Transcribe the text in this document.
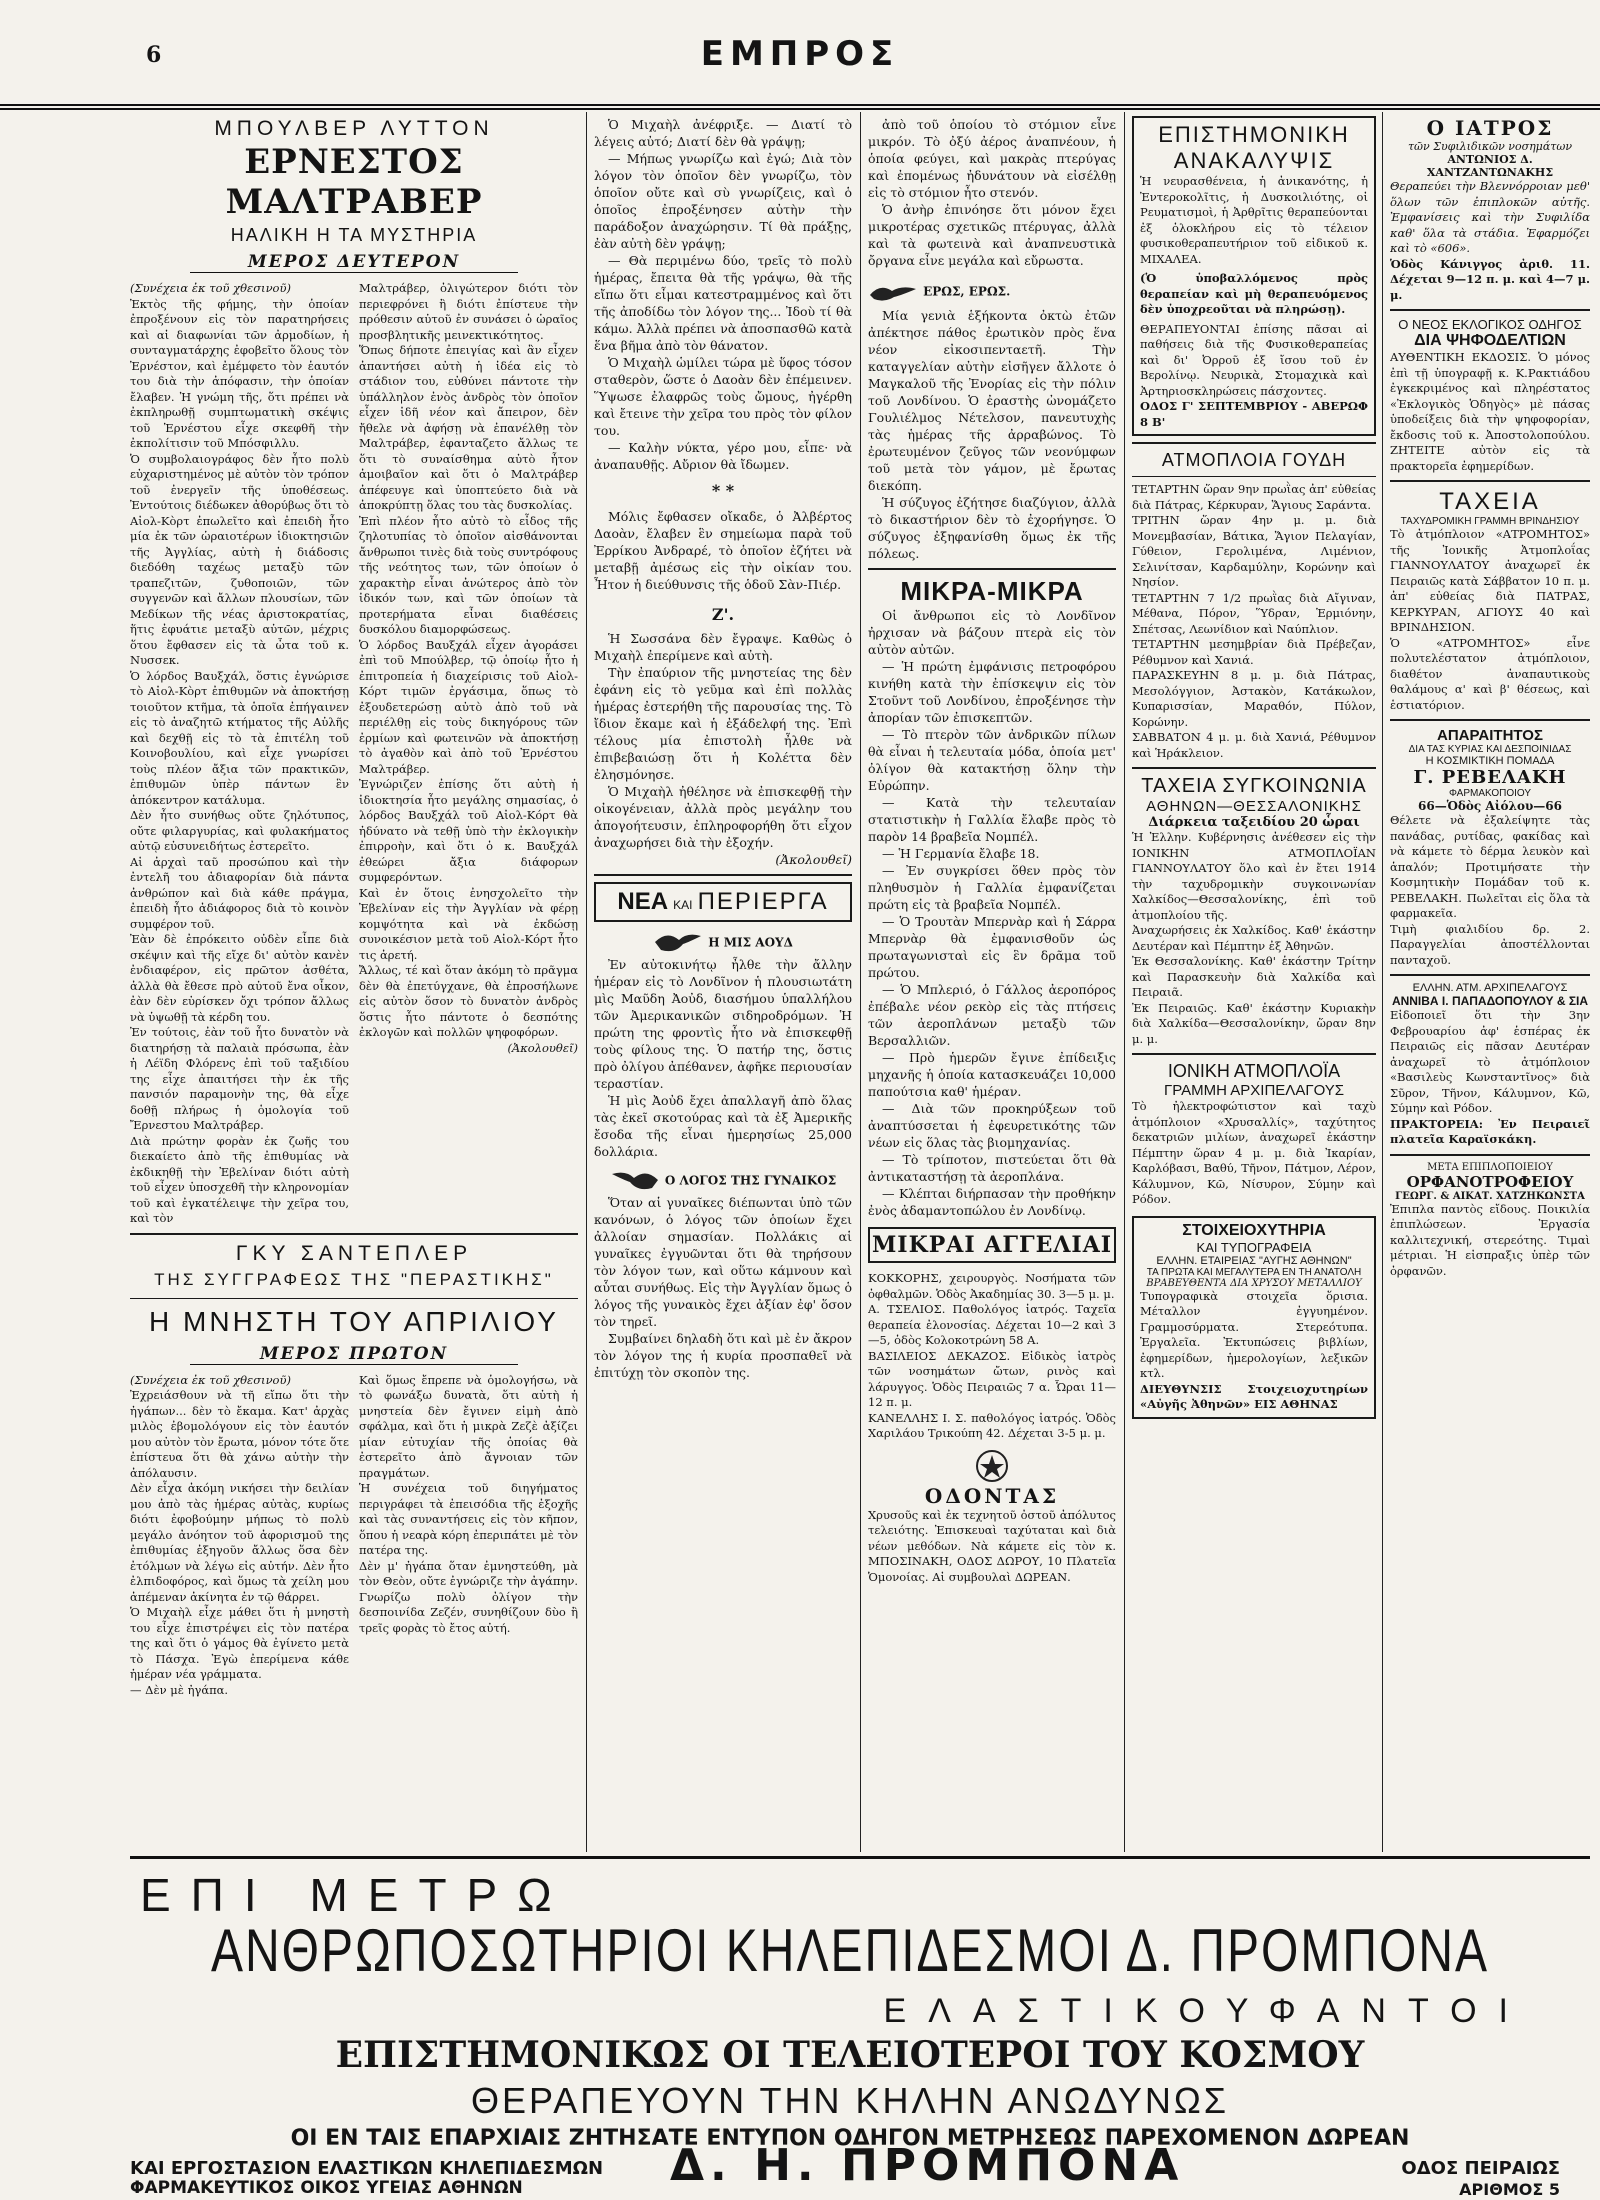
6	ΕΜΠΡΟΣ
ΜΠΟΥΛΒΕΡ ΛΥΤΤΟΝ
ΕΡΝΕΣΤΟΣ ΜΑΛΤΡΑΒΕΡ
ΗΑΛΙΚΗ Η ΤΑ ΜΥΣΤΗΡΙΑ
ΜΕΡΟΣ ΔΕΥΤΕΡΟΝ

(Συνέχεια ἐκ τοῦ χθεσινοῦ)

Ἐκτὸς τῆς φήμης, τὴν ὁποίαν ἐπροξένουν εἰς τὸν παρατηρήσεις καὶ αἱ διαφωνίαι τῶν ἀρμοδίων, ἡ συνταγματάρχης ἐφοβεῖτο ὅλους τὸν Ἐρνέστον, καὶ ἐμέμφετο τὸν ἑαυτόν του διὰ τὴν ἀπόφασιν, τὴν ὁποίαν ἔλαβεν. Ἡ γνώμη τῆς, ὅτι πρέπει νὰ ἐκπληρωθῇ συμπτωματικὴ σκέψις τοῦ Ἐρνέστου εἶχε σκεφθῆ τὴν ἐκπολίτισιν τοῦ Μπόσφιλλυ.

Ὁ συμβολαιογράφος δὲν ἦτο πολὺ εὐχαριστημένος μὲ αὐτὸν τὸν τρόπον τοῦ ἐνεργεῖν τῆς ὑποθέσεως. Ἐντούτοις διέδωκεν ἀθορύβως ὅτι τὸ Αἰολ-Κὸρτ ἐπωλεῖτο καὶ ἐπειδὴ ἦτο μία ἐκ τῶν ὡραιοτέρων ἰδιοκτησιῶν τῆς Ἀγγλίας, αὐτὴ ἡ διάδοσις διεδόθη ταχέως μεταξὺ τῶν τραπεζιτῶν, ζυθοποιῶν, τῶν συγγενῶν καὶ ἄλλων πλουσίων, τῶν Μεδίκων τῆς νέας ἀριστοκρατίας, ἥτις ἐφυάτιε μεταξὺ αὐτῶν, μέχρις ὅτου ἔφθασεν εἰς τὰ ὦτα τοῦ κ. Νυσσεκ.

Ὁ λόρδος Βαυξχάλ, ὅστις ἐγνώρισε τὸ Αἰολ-Κὸρτ ἐπιθυμῶν νὰ ἀποκτήσῃ τοιοῦτον κτῆμα, τὰ ὁποῖα ἐπήγαινεν εἰς τὸ ἀναζητῶ κτήματος τῆς Αὐλῆς καὶ δεχθῇ εἰς τὸ τὰ ἐπιτέλη τοῦ Κοινοβουλίου, καὶ εἶχε γνωρίσει τοὺς πλέον ἄξια τῶν πρακτικῶν, ἐπιθυμῶν ὑπὲρ πάντων ἓν ἀπόκεντρον κατάλυμα.

Δὲν ἦτο συνήθως οὔτε ζηλότυπος, οὔτε φιλαργυρίας, καὶ φυλακήματος αὐτῷ εὐσυνειδήτως ἐστερεῖτο.

Αἱ ἀρχαὶ ταῦ προσώπου καὶ τὴν ἐντελῆ του ἀδιαφορίαν διὰ πάντα ἀνθρώπον καὶ διὰ κάθε πράγμα, ἐπειδὴ ἦτο ἀδιάφορος διὰ τὸ κοινὸν συμφέρον τοῦ.

Ἐὰν δὲ ἐπρόκειτο οὐδὲν εἶπε διὰ σκέψιν καὶ τῆς εἴχε δι' αὐτὸν κανὲν ἐνδιαφέρον, εἰς πρῶτον ἀσθέτα, ἀλλὰ θὰ ἔθεσε πρὸ αὐτοῦ ἔνα οἶκον, ἐὰν δὲν εὑρίσκεν ὄχι τρόπον ἄλλως νὰ ὑψωθῇ τὰ κέρδη του.

Ἐν τούτοις, ἐὰν τοῦ ἦτο δυνατὸν νὰ διατηρήσῃ τὰ παλαιὰ πρόσωπα, ἐὰν ἡ Λέϊδη Φλόρενς ἐπὶ τοῦ ταξιδίου της εἶχε ἀπαιτήσει τὴν ἐκ τῆς πανσιόν παραμονὴν της, θὰ εἶχε δοθῇ πλήρως ἡ ὁμολογία τοῦ Ἔρνεστου Μαλτράβερ.

Διὰ πρώτην φορὰν ἐκ ζωῆς του διεκαίετο ἀπὸ τῆς ἐπιθυμίας νὰ ἐκδικηθῇ τὴν Ἐβελίναν διότι αὐτὴ τοῦ εἶχεν ὑποσχεθῆ τὴν κληρονομίαν τοῦ καὶ ἐγκατέλειψε τὴν χεῖρα του, καὶ τὸν

Μαλτράβερ, ὀλιγώτερον διότι τὸν περιεφρόνει ἢ διότι ἐπίστευε τὴν πρόθεσιν αὐτοῦ ἐν συνάσει ὁ ὡραῖος προσβλητικῆς μεινεκτικότητος.

Ὅπως δήποτε ἐπειγίας καὶ ἂν εἶχεν ἀπαντήσει αὐτὴ ἡ ἰδέα εἰς τὸ στάδιον του, εὐθύνει πάντοτε τὴν ὑπάλληλον ἐνὸς ἀνδρὸς τὸν ὁποῖον εἶχεν ἰδῆ νέον καὶ ἄπειρον, δὲν ἤθελε νὰ ἀφήσῃ νὰ ἐπανέλθῃ τὸν Μαλτράβερ, ἐφανταζετο ἄλλως τε ὅτι τὸ συναίσθημα αὐτὸ ἦτον ἀμοιβαῖον καὶ ὅτι ὁ Μαλτράβερ ἀπέφευγε καὶ ὑποπτεύετο διὰ νὰ ἀποκρύπτῃ ὅλας του τὰς δυσκολίας.

Ἐπὶ πλέον ἦτο αὐτὸ τὸ εἶδος τῆς ζηλοτυπίας τὸ ὁποῖον αἰσθάνονται ἄνθρωποι τινὲς διὰ τοὺς συντρόφους τῆς νεότητος των, τῶν ὁποίων ὁ χαρακτὴρ εἶναι ἀνώτερος ἀπὸ τὸν ἰδικόν των, καὶ τῶν ὁποίων τὰ προτερήματα εἶναι διαθέσεις δυσκόλου διαμορφώσεως.

Ὁ λόρδος Βαυξχάλ εἶχεν ἀγοράσει ἐπὶ τοῦ Μπούλβερ, τῷ ὁποίῳ ἦτο ἡ ἐπιτροπεία ἡ διαχείρισις τοῦ Αἰολ-Κόρτ τιμῶν ἐργάσιμα, ὅπως τὸ ἐξουδετερώσῃ αὐτὸ ἀπὸ τοῦ νὰ περιέλθῃ εἰς τοὺς δικηγόρους τῶν ἐρμίων καὶ φωτεινῶν νὰ ἀποκτήσῃ τὸ ἀγαθὸν καὶ ἀπὸ τοῦ Ἐρνέστου Μαλτράβερ.

Ἐγνώριζεν ἐπίσης ὅτι αὐτὴ ἡ ἰδιοκτησία ἦτο μεγάλης σημασίας, ὁ λόρδος Βαυξχάλ τοῦ Αἰολ-Κόρτ θὰ ἠδύνατο νὰ τεθῇ ὑπὸ τὴν ἐκλογικὴν ἐπιρροὴν, καὶ ὅτι ὁ κ. Βαυξχάλ ἐθεώρει ἄξια διάφορων συμφερόντων.

Καὶ ἐν ὅτοις ἐνησχολεῖτο τὴν Ἐβελίναν εἰς τὴν Ἀγγλίαν νὰ φέρῃ κομψότητα καὶ νὰ ἐκδώσῃ συνοικέσιον μετὰ τοῦ Αἰολ-Κόρτ ἦτο τις ἀρετή.

Ἄλλως, τέ καὶ ὅταν ἀκόμη τὸ πρᾶγμα δὲν θὰ ἐπετύγχανε, θὰ ἐπροσήλωνε εἰς αὐτὸν ὅσον τὸ δυνατὸν ἀνδρὸς ὅστις ἦτο πάντοτε ὁ δεσπότης ἐκλογῶν καὶ πολλῶν ψηφοφόρων.

(Ἀκολουθεῖ)

ΓΚΥ ΣΑΝΤΕΠΛΕΡ
ΤΗΣ ΣΥΓΓΡΑΦΕΩΣ ΤΗΣ "ΠΕΡΑΣΤΙΚΗΣ"
Η ΜΝΗΣΤΗ ΤΟΥ ΑΠΡΙΛΙΟΥ
ΜΕΡΟΣ ΠΡΩΤΟΝ

(Συνέχεια ἐκ τοῦ χθεσινοῦ)

Ἐχρειάσθουν νὰ τῆ εἴπω ὅτι τὴν ἠγάπων... δὲν τὸ ἔκαμα. Κατ' ἀρχὰς μιλὸς ἐβομολόγουν εἰς τὸν ἑαυτόν μου αὐτὸν τὸν ἔρωτα, μόνον τότε ὅτε ἐπίστευα ὅτι θὰ χάνω αὐτὴν τὴν ἀπόλαυσιν.

Δὲν εἶχα ἀκόμη νικήσει τὴν δειλίαν μου ἀπὸ τὰς ἡμέρας αὐτὰς, κυρίως διότι ἐφοβούμην μήπως τὸ πολὺ μεγάλο ἀνόητον τοῦ ἀφορισμοῦ της ἐπιθυμίας ἐξηγοῦν ἄλλως ὅσα δὲν ἐτόλμων νὰ λέγω εἰς αὐτήν. Δὲν ἦτο ἐλπιδοφόρος, καὶ ὅμως τὰ χείλη μου ἀπέμεναν ἀκίνητα ἐν τῷ θάρρει.

Ὁ Μιχαὴλ εἶχε μάθει ὅτι ἡ μνηστὴ του εἶχε ἐπιστρέψει εἰς τὸν πατέρα της καὶ ὅτι ὁ γάμος θὰ ἐγίνετο μετὰ τὸ Πάσχα. Ἐγὼ ἐπερίμενα κάθε ἡμέραν νέα γράμματα.

— Δὲν μὲ ἠγάπα.

Καὶ ὅμως ἔπρεπε νὰ ὁμολογήσω, νὰ τὸ φωνάξω δυνατὰ, ὅτι αὐτὴ ἡ μνηστεία δὲν ἔγινεν εἰμὴ ἀπὸ σφάλμα, καὶ ὅτι ἡ μικρὰ Ζεζὲ ἀξίζει μίαν εὐτυχίαν τῆς ὁποίας θὰ ἐστερεῖτο ἀπὸ ἄγνοιαν τῶν πραγμάτων.

Ἡ συνέχεια τοῦ διηγήματος περιγράφει τὰ ἐπεισόδια τῆς ἐξοχῆς καὶ τὰς συναντήσεις εἰς τὸν κῆπον, ὅπου ἡ νεαρὰ κόρη ἐπεριπάτει μὲ τὸν πατέρα της.

Δὲν μ' ἠγάπα ὅταν ἐμνηστεύθη, μὰ τὸν Θεὸν, οὔτε ἐγνώριζε τὴν ἀγάπην. Γνωρίζω πολὺ ὀλίγον τὴν δεσποινίδα Ζεζέν, συνηθίζουν δὺο ἢ τρεῖς φορὰς τὸ ἔτος αὐτή.

Ὁ Μιχαὴλ ἀνέφριξε. — Διατί τὸ λέγεις αὐτό; Διατί δὲν θὰ γράψῃ;

— Μήπως γνωρίζω καὶ ἐγώ; Διὰ τὸν λόγον τὸν ὁποῖον δὲν γνωρίζω, τὸν ὁποῖον οὔτε καὶ σὺ γνωρίζεις, καὶ ὁ ὁποῖος ἐπροξένησεν αὐτὴν τὴν παράδοξον ἀναχώρησιν. Τί θὰ πράξῃς, ἐὰν αὐτὴ δὲν γράψῃ;

— Θὰ περιμένω δύο, τρεῖς τὸ πολὺ ἡμέρας, ἔπειτα θὰ τῆς γράψω, θὰ τῆς εἴπω ὅτι εἶμαι κατεστραμμένος καὶ ὅτι τῆς ἀποδίδω τὸν λόγον της... Ἰδοὺ τί θὰ κάμω. Ἀλλὰ πρέπει νὰ ἀποσπασθῶ κατὰ ἕνα βῆμα ἀπὸ τὸν θάνατον.

Ὁ Μιχαὴλ ὡμίλει τώρα μὲ ὕφος τόσον σταθερὸν, ὥστε ὁ Δαοὰν δὲν ἐπέμεινεν. Ὕψωσε ἐλαφρῶς τοὺς ὤμους, ἠγέρθη καὶ ἔτεινε τὴν χεῖρα του πρὸς τὸν φίλον του.

— Καλὴν νύκτα, γέρο μου, εἶπε· νὰ ἀναπαυθῇς. Αὔριον θὰ ἴδωμεν.

* *

Μόλις ἔφθασεν οἴκαδε, ὁ Ἀλβέρτος Δαοὰν, ἔλαβεν ἓν σημείωμα παρὰ τοῦ Ἐρρίκου Ἀνδραρέ, τὸ ὁποῖον ἐζήτει νὰ μεταβῇ ἀμέσως εἰς τὴν οἰκίαν του. Ἦτον ἡ διεύθυνσις τῆς ὁδοῦ Σὰν-Πιέρ.

Ζ'.

Ἡ Σωσσάνα δὲν ἔγραψε. Καθὼς ὁ Μιχαὴλ ἐπερίμενε καὶ αὐτὴ.

Τὴν ἐπαύριον τῆς μνηστείας της δὲν ἐφάνη εἰς τὸ γεῦμα καὶ ἐπὶ πολλὰς ἡμέρας ἐστερήθη τῆς παρουσίας της. Τὸ ἴδιον ἔκαμε καὶ ἡ ἐξάδελφή της. Ἐπὶ τέλους μία ἐπιστολὴ ἦλθε νὰ ἐπιβεβαιώσῃ ὅτι ἡ Κολέττα δὲν ἐλησμόνησε.

Ὁ Μιχαὴλ ἠθέλησε νὰ ἐπισκεφθῇ τὴν οἰκογένειαν, ἀλλὰ πρὸς μεγάλην του ἀπογοήτευσιν, ἐπληροφορήθη ὅτι εἶχον ἀναχωρήσει διὰ τὴν ἐξοχήν.

(Ἀκολουθεῖ)

ΝΕΑ ΚΑΙ ΠΕΡΙΕΡΓΑ
Η ΜΙΣ ΑΟΥΔ

Ἐν αὐτοκινήτῳ ἦλθε τὴν ἄλλην ἡμέραν εἰς τὸ Λονδῖνον ἡ πλουσιωτάτη μὶς Μαῦδη Ἀοὐδ, διασήμου ὑπαλλήλου τῶν Ἀμερικανικῶν σιδηροδρόμων. Ἡ πρώτη της φροντὶς ἦτο νὰ ἐπισκεφθῇ τοὺς φίλους της. Ὁ πατήρ της, ὅστις πρὸ ὀλίγου ἀπέθανεν, ἀφῆκε περιουσίαν τεραστίαν.

Ἡ μὶς Ἀοὐδ ἔχει ἀπαλλαγῆ ἀπὸ ὅλας τὰς ἐκεῖ σκοτούρας καὶ τὰ ἐξ Ἀμερικῆς ἔσοδα τῆς εἶναι ἡμερησίως 25,000 δολλάρια.

Ο ΛΟΓΟΣ ΤΗΣ ΓΥΝΑΙΚΟΣ

Ὅταν αἱ γυναῖκες διέπωνται ὑπὸ τῶν κανόνων, ὁ λόγος τῶν ὁποίων ἔχει ἀλλοίαν σημασίαν. Πολλάκις αἱ γυναῖκες ἐγγυῶνται ὅτι θὰ τηρήσουν τὸν λόγον των, καὶ οὕτω κάμνουν καὶ αὗται συνήθως. Εἰς τὴν Ἀγγλίαν ὅμως ὁ λόγος τῆς γυναικὸς ἔχει ἀξίαν ἐφ' ὅσον τὸν τηρεῖ.

Συμβαίνει δηλαδὴ ὅτι καὶ μὲ ἐν ἄκρον τὸν λόγον της ἡ κυρία προσπαθεῖ νὰ ἐπιτύχῃ τὸν σκοπὸν της.

ἀπὸ τοῦ ὁποίου τὸ στόμιον εἶνε μικρόν. Τὸ ὀξύ ἀέρος ἀναπνέουν, ἡ ὁποία φεύγει, καὶ μακρὰς πτερύγας καὶ ἐπομένως ἠδυνάτουν νὰ εἰσέλθῃ εἰς τὸ στόμιον ἦτο στενόν.

Ὁ ἀνὴρ ἐπινόησε ὅτι μόνον ἔχει μικροτέρας σχετικῶς πτέρυγας, ἀλλὰ καὶ τὰ φωτεινὰ καὶ ἀναπνευστικὰ ὄργανα εἶνε μεγάλα καὶ εὔρωστα.

ΕΡΩΣ, ΕΡΩΣ.

Μία γενιὰ ἑξήκοντα ὀκτὼ ἐτῶν ἀπέκτησε πάθος ἐρωτικὸν πρὸς ἕνα νέον εἰκοσιπενταετῆ. Τὴν καταγγελίαν αὐτὴν εἰσῆγεν ἄλλοτε ὁ Μαγκαλοῦ τῆς Ἐνορίας εἰς τὴν πόλιν τοῦ Λονδίνου. Ὁ ἐραστὴς ὠνομάζετο Γουλιέλμος Νέτελσον, πανευτυχὴς τὰς ἡμέρας τῆς ἀρραβώνος. Τὸ ἐρωτευμένον ζεῦγος τῶν νεονύμφων τοῦ μετὰ τὸν γάμον, μὲ ἔρωτας διεκόπη.

Ἡ σύζυγος ἐζήτησε διαζύγιον, ἀλλὰ τὸ δικαστήριον δὲν τὸ ἐχορήγησε. Ὁ σύζυγος ἐξηφανίσθη ὅμως ἐκ τῆς πόλεως.

ΜΙΚΡΑ-ΜΙΚΡΑ

Οἱ ἄνθρωποι εἰς τὸ Λονδῖνον ἠρχισαν νὰ βάζουν πτερὰ εἰς τὸν αὐτὸν αὐτῶν.

— Ἡ πρώτη ἐμφάνισις πετροφόρου κινήθη κατὰ τὴν ἐπίσκεψιν εἰς τὸν Στοῦντ τοῦ Λονδίνου, ἐπροξένησε τὴν ἀπορίαν τῶν ἐπισκεπτῶν.

— Τὸ πτερὸν τῶν ἀνδρικῶν πίλων θὰ εἶναι ἡ τελευταία μόδα, ὁποία μετ' ὀλίγον θὰ κατακτήσῃ ὅλην τὴν Εὐρώπην.

— Κατὰ τὴν τελευταίαν στατιστικὴν ἡ Γαλλία ἔλαβε πρὸς τὸ παρὸν 14 βραβεῖα Νομπέλ.

— Ἡ Γερμανία ἔλαβε 18.

— Ἐν συγκρίσει ὅθεν πρὸς τὸν πληθυσμὸν ἡ Γαλλία ἐμφανίζεται πρώτη εἰς τὰ βραβεῖα Νομπέλ.

— Ὁ Τρουτὰν Μπερνὰρ καὶ ἡ Σάρρα Μπερνὰρ θὰ ἐμφανισθοῦν ὡς πρωταγωνισταὶ εἰς ἓν δρᾶμα τοῦ πρώτου.

— Ὁ Μπλεριό, ὁ Γάλλος ἀεροπόρος ἐπέβαλε νέον ρεκὸρ εἰς τὰς πτήσεις τῶν ἀεροπλάνων μεταξὺ τῶν Βερσαλλιῶν.

— Πρὸ ἡμερῶν ἔγινε ἐπίδειξις μηχανῆς ἡ ὁποία κατασκευάζει 10,000 παπούτσια καθ' ἡμέραν.

— Διὰ τῶν προκηρύξεων τοῦ ἀναπτύσσεται ἡ ἐφευρετικότης τῶν νέων εἰς ὅλας τὰς βιομηχανίας.

— Τὸ τρίποτον, πιστεύεται ὅτι θὰ ἀντικαταστήσῃ τὰ ἀεροπλάνα.

— Κλέπται διήρπασαν τὴν προθήκην ἐνὸς ἀδαμαντοπώλου ἐν Λονδίνῳ.

ΜΙΚΡΑΙ ΑΓΓΕΛΙΑΙ

ΚΟΚΚΟΡΗΣ, χειρουργὸς. Νοσήματα τῶν ὀφθαλμῶν. Ὁδὸς Ἀκαδημίας 30. 3—5 μ. μ.

Α. ΤΣΕΛΙΟΣ. Παθολόγος ἰατρός. Ταχεῖα θεραπεία ἐλονοσίας. Δέχεται 10—2 καὶ 3—5, ὁδὸς Κολοκοτρώνη 58 Α.

ΒΑΣΙΛΕΙΟΣ ΔΕΚΑΖΟΣ. Εἰδικὸς ἰατρὸς τῶν νοσημάτων ὤτων, ρινὸς καὶ λάρυγγος. Ὁδὸς Πειραιῶς 7 α. Ὧραι 11—12 π. μ.

ΚΑΝΕΛΛΗΣ Ι. Σ. παθολόγος ἰατρός. Ὁδὸς Χαριλάου Τρικούπη 42. Δέχεται 3-5 μ. μ.

ΟΔΟΝΤΑΣ

Χρυσοῦς καὶ ἐκ τεχνητοῦ ὀστοῦ ἀπόλυτος τελειότης. Ἐπισκευαὶ ταχύταται καὶ διὰ νέων μεθόδων. Νὰ κάμετε εἰς τὸν κ. ΜΠΟΣΙΝΑΚΗ, ΟΔΟΣ ΔΩΡΟΥ, 10 Πλατεῖα Ὁμονοίας. Αἱ συμβουλαὶ ΔΩΡΕΑΝ.

ΕΠΙΣΤΗΜΟΝΙΚΗ ΑΝΑΚΑΛΥΨΙΣ

Ἡ νευρασθένεια, ἡ ἀνικανότης, ἡ Ἐντεροκολῖτις, ἡ Δυσκοιλιότης, οἱ Ρευματισμοὶ, ἡ Ἀρθρῖτις θεραπεύονται ἐξ ὁλοκλήρου εἰς τὸ τέλειον φυσικοθεραπευτήριον τοῦ εἰδικοῦ κ. ΜΙΧΑΛΕΑ.

(Ὁ ὑποβαλλόμενος πρὸς θεραπείαν καὶ μὴ θεραπευόμενος δὲν ὑποχρεοῦται νὰ πληρώσῃ).

ΘΕΡΑΠΕΥΟΝΤΑΙ ἐπίσης πᾶσαι αἱ παθήσεις διὰ τῆς Φυσικοθεραπείας καὶ δι' Ὀρροῦ ἐξ ἴσου τοῦ ἐν Βερολίνῳ. Νευρικὰ, Στομαχικὰ καὶ Ἀρτηριοσκληρώσεις πάσχοντες.

ΟΔΟΣ Γ' ΣΕΠΤΕΜΒΡΙΟΥ - ΑΒΕΡΩΦ 8 Β'

ΑΤΜΟΠΛΟΙΑ ΓΟΥΔΗ

ΤΕΤΑΡΤΗΝ ὥραν 9ην πρωῒας ἀπ' εὐθείας διὰ Πάτρας, Κέρκυραν, Ἅγιους Σαράντα.

ΤΡΙΤΗΝ ὥραν 4ην μ. μ. διὰ Μονεμβασίαν, Βάτικα, Ἅγιον Πελαγίαν, Γύθειον, Γερολιμένα, Λιμένιον, Σελινίτσαν, Καρδαμύλην, Κορώνην καὶ Νησίον.

ΤΕΤΑΡΤΗΝ 7 1/2 πρωῒας διὰ Αἴγιναν, Μέθανα, Πόρον, Ὕδραν, Ἑρμιόνην, Σπέτσας, Λεωνίδιον καὶ Ναύπλιον.

ΤΕΤΑΡΤΗΝ μεσημβρίαν διὰ Πρέβεζαν, Ρέθυμνον καὶ Χανιά.

ΠΑΡΑΣΚΕΥΗΝ 8 μ. μ. διὰ Πάτρας, Μεσολόγγιον, Ἀστακὸν, Κατάκωλον, Κυπαρισσίαν, Μαραθόν, Πύλον, Κορώνην.

ΣΑΒΒΑΤΟΝ 4 μ. μ. διὰ Χανιά, Ρέθυμνον καὶ Ἡράκλειον.

ΤΑΧΕΙΑ ΣΥΓΚΟΙΝΩΝΙΑ
ΑΘΗΝΩΝ—ΘΕΣΣΑΛΟΝΙΚΗΣ
Διάρκεια ταξειδίου 20 ὧραι

Ἡ Ἑλλην. Κυβέρνησις ἀνέθεσεν εἰς τὴν ΙΟΝΙΚΗΝ ΑΤΜΟΠΛΟΪΑΝ ΓΙΑΝΝΟΥΛΑΤΟΥ ὅλο καὶ ἐν ἔτει 1914 τὴν ταχυδρομικὴν συγκοινωνίαν Χαλκίδος—Θεσσαλονίκης, ἐπὶ τοῦ ἀτμοπλοίου τῆς.

Ἀναχωρήσεις ἐκ Χαλκίδος. Καθ' ἑκάστην Δευτέραν καὶ Πέμπτην ἐξ Ἀθηνῶν.

Ἐκ Θεσσαλονίκης. Καθ' ἑκάστην Τρίτην καὶ Παρασκευὴν διὰ Χαλκίδα καὶ Πειραιᾶ.

Ἐκ Πειραιῶς. Καθ' ἑκάστην Κυριακὴν διὰ Χαλκίδα—Θεσσαλονίκην, ὥραν 8ην μ. μ.

ΙΟΝΙΚΗ ΑΤΜΟΠΛΟΪΑ
ΓΡΑΜΜΗ ΑΡΧΙΠΕΛΑΓΟΥΣ

Τὸ ἠλεκτροφώτιστον καὶ ταχὺ ἀτμόπλοιον «Χρυσαλλίς», ταχύτητος δεκατριῶν μιλίων, ἀναχωρεῖ ἐκάστην Πέμπτην ὥραν 4 μ. μ. διὰ Ἰκαρίαν, Καρλόβασι, Βαθύ, Τῆνον, Πάτμον, Λέρον, Κάλυμνον, Κῶ, Νίσυρον, Σύμην καὶ Ρόδον.

ΣΤΟΙΧΕΙΟΧΥΤΗΡΙΑ
ΚΑΙ ΤΥΠΟΓΡΑΦΕΙΑ
ΕΛΛΗΝ. ΕΤΑΙΡΕΙΑΣ "ΑΥΓΗΣ ΑΘΗΝΩΝ"
ΤΑ ΠΡΩΤΑ ΚΑΙ ΜΕΓΑΛΥΤΕΡΑ ΕΝ ΤΗ ΑΝΑΤΟΛΗ
ΒΡΑΒΕΥΘΕΝΤΑ ΔΙΑ ΧΡΥΣΟΥ ΜΕΤΑΛΛΙΟΥ

Τυπογραφικὰ στοιχεῖα ὅρισια. Μέταλλον ἐγγυημένον. Γραμμοσύρματα. Στερεότυπα. Ἐργαλεῖα. Ἐκτυπώσεις βιβλίων, ἐφημερίδων, ἡμερολογίων, λεξικῶν κτλ.

ΔΙΕΥΘΥΝΣΙΣ Στοιχειοχυτηρίων «Αὐγῆς Ἀθηνῶν» ΕΙΣ ΑΘΗΝΑΣ

Ο ΙΑΤΡΟΣ
τῶν Συφιλιδικῶν νοσημάτων
ΑΝΤΩΝΙΟΣ Δ. ΧΑΝΤΖΑΝΤΩΝΑΚΗΣ

Θεραπεύει τὴν Βλεννόρροιαν μεθ' ὅλων τῶν ἐπιπλοκῶν αὐτῆς. Ἐμφανίσεις καὶ τὴν Συφιλίδα καθ' ὅλα τὰ στάδια. Ἐφαρμόζει καὶ τὸ «606».

Ὁδὸς Κάνιγγος ἀριθ. 11. Δέχεται 9—12 π. μ. καὶ 4—7 μ. μ.

Ο ΝΕΟΣ ΕΚΛΟΓΙΚΟΣ ΟΔΗΓΟΣ
ΔΙΑ ΨΗΦΟΔΕΛΤΙΩΝ

ΑΥΘΕΝΤΙΚΗ ΕΚΔΟΣΙΣ. Ὁ μόνος ἐπὶ τῇ ὑπογραφῇ κ. Κ.Ρακτιάδου ἐγκεκριμένος καὶ πληρέστατος «Ἐκλογικὸς Ὁδηγὸς» μὲ πάσας ὑποδείξεις διὰ τὴν ψηφοφορίαν, ἔκδοσις τοῦ κ. Ἀποστολοπούλου. ΖΗΤΕΙΤΕ αὐτὸν εἰς τὰ πρακτορεῖα ἐφημερίδων.

ΤΑΧΕΙΑ
ΤΑΧΥΔΡΟΜΙΚΗ ΓΡΑΜΜΗ ΒΡΙΝΔΗΣΙΟΥ

Τὸ ἀτμόπλοιον «ΑΤΡΟΜΗΤΟΣ» τῆς Ἰονικῆς Ἀτμοπλοΐας ΓΙΑΝΝΟΥΛΑΤΟΥ ἀναχωρεῖ ἐκ Πειραιῶς κατὰ Σάββατον 10 π. μ. ἀπ' εὐθείας διὰ ΠΑΤΡΑΣ, ΚΕΡΚΥΡΑΝ, ΑΓΙΟΥΣ 40 καὶ ΒΡΙΝΔΗΣΙΟΝ.

Ὁ «ΑΤΡΟΜΗΤΟΣ» εἶνε πολυτελέστατον ἀτμόπλοιον, διαθέτον ἀναπαυτικοὺς θαλάμους α' καὶ β' θέσεως, καὶ ἑστιατόριον.

ΑΠΑΡΑΙΤΗΤΟΣ
ΔΙΑ ΤΑΣ ΚΥΡΙΑΣ ΚΑΙ ΔΕΣΠΟΙΝΙΔΑΣ
Η ΚΟΣΜΙΚΤΙΚΗ ΠΟΜΑΔΑ
Γ. ΡΕΒΕΛΑΚΗ
ΦΑΡΜΑΚΟΠΟΙΟΥ
66—Ὁδὸς Αἰόλου—66

Θέλετε νὰ ἐξαλείψητε τὰς πανάδας, ρυτίδας, φακίδας καὶ νὰ κάμετε τὸ δέρμα λευκὸν καὶ ἁπαλόν; Προτιμήσατε τὴν Κοσμητικὴν Πομάδαν τοῦ κ. ΡΕΒΕΛΑΚΗ. Πωλεῖται εἰς ὅλα τὰ φαρμακεῖα.

Τιμὴ φιαλιδίου δρ. 2. Παραγγελίαι ἀποστέλλονται πανταχοῦ.

ΕΛΛΗΝ. ΑΤΜ. ΑΡΧΙΠΕΛΑΓΟΥΣ
ΑΝΝΙΒΑ Ι. ΠΑΠΑΔΟΠΟΥΛΟΥ & ΣΙΑ

Εἰδοποιεῖ ὅτι τὴν 3ην Φεβρουαρίου ἀφ' ἑσπέρας ἐκ Πειραιῶς εἰς πᾶσαν Δευτέραν ἀναχωρεῖ τὸ ἀτμόπλοιον «Βασιλεὺς Κωνσταντῖνος» διὰ Σῦρον, Τῆνον, Κάλυμνον, Κῶ, Σύμην καὶ Ρόδον.

ΠΡΑΚΤΟΡΕΙΑ: Ἐν Πειραιεῖ πλατεῖα Καραϊσκάκη.

ΜΕΤΑ ΕΠΙΠΛΟΠΟΙΕΙΟΥ
ΟΡΦΑΝΟΤΡΟΦΕΙΟΥ
ΓΕΩΡΓ. & ΑΙΚΑΤ. ΧΑΤΖΗΚΩΝΣΤΑ

Ἐπιπλα παντὸς εἴδους. Ποικιλία ἐπιπλώσεων. Ἐργασία καλλιτεχνική, στερεότης. Τιμαὶ μέτριαι. Ἡ εἰσπραξις ὑπὲρ τῶν ὀρφανῶν.

ΕΠΙ ΜΕΤΡΩ
ΑΝΘΡΩΠΟΣΩΤΗΡΙΟΙ ΚΗΛΕΠΙΔΕΣΜΟΙ Δ. ΠΡΟΜΠΟΝΑ
ΕΛΑΣΤΙΚΟΥΦΑΝΤΟΙ
ΕΠΙΣΤΗΜΟΝΙΚΩΣ ΟΙ ΤΕΛΕΙΟΤΕΡΟΙ ΤΟΥ ΚΟΣΜΟΥ
ΘΕΡΑΠΕΥΟΥΝ ΤΗΝ ΚΗΛΗΝ ΑΝΩΔΥΝΩΣ
ΟΙ ΕΝ ΤΑΙΣ ΕΠΑΡΧΙΑΙΣ ΖΗΤΗΣΑΤΕ ΕΝΤΥΠΟΝ ΟΔΗΓΟΝ ΜΕΤΡΗΣΕΩΣ ΠΑΡΕΧΟΜΕΝΟΝ ΔΩΡΕΑΝ
ΚΑΙ ΕΡΓΟΣΤΑΣΙΟΝ ΕΛΑΣΤΙΚΩΝ ΚΗΛΕΠΙΔΕΣΜΩΝ
ΦΑΡΜΑΚΕΥΤΙΚΟΣ ΟΙΚΟΣ ΥΓΕΙΑΣ ΑΘΗΝΩΝ	Δ. Η. ΠΡΟΜΠΟΝΑ	ΟΔΟΣ ΠΕΙΡΑΙΩΣ
ΑΡΙΘΜΟΣ 5
